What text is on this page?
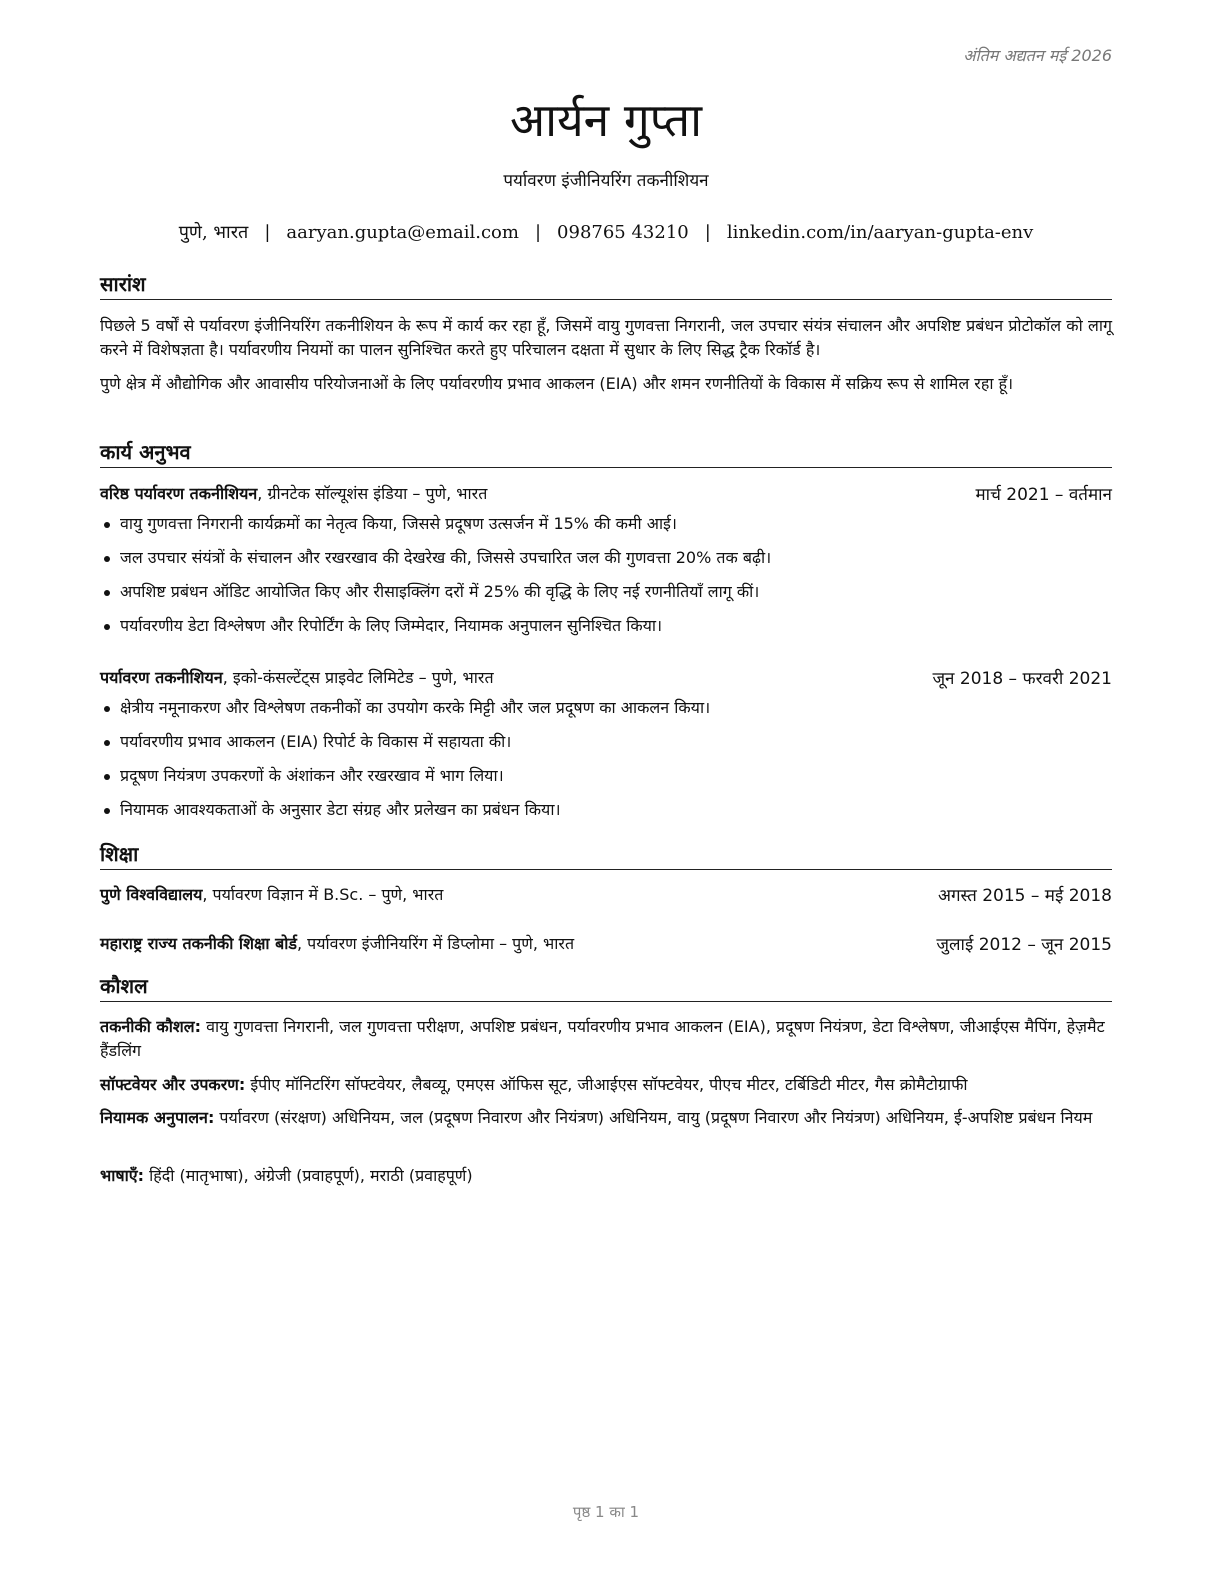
अंतिम अद्यतन मई 2026
आर्यन गुप्ता
पर्यावरण इंजीनियरिंग तकनीशियन
पुणे, भारत | aaryan.gupta@email.com | 098765 43210 | linkedin.com/in/aaryan-gupta-env
सारांश
पिछले 5 वर्षों से पर्यावरण इंजीनियरिंग तकनीशियन के रूप में कार्य कर रहा हूँ, जिसमें वायु गुणवत्ता निगरानी, जल उपचार संयंत्र संचालन और अपशिष्ट प्रबंधन प्रोटोकॉल को लागू करने में विशेषज्ञता है। पर्यावरणीय नियमों का पालन सुनिश्चित करते हुए परिचालन दक्षता में सुधार के लिए सिद्ध ट्रैक रिकॉर्ड है।
पुणे क्षेत्र में औद्योगिक और आवासीय परियोजनाओं के लिए पर्यावरणीय प्रभाव आकलन (EIA) और शमन रणनीतियों के विकास में सक्रिय रूप से शामिल रहा हूँ।
कार्य अनुभव
वरिष्ठ पर्यावरण तकनीशियन, ग्रीनटेक सॉल्यूशंस इंडिया – पुणे, भारत	मार्च 2021 – वर्तमान
वायु गुणवत्ता निगरानी कार्यक्रमों का नेतृत्व किया, जिससे प्रदूषण उत्सर्जन में 15% की कमी आई।
जल उपचार संयंत्रों के संचालन और रखरखाव की देखरेख की, जिससे उपचारित जल की गुणवत्ता 20% तक बढ़ी।
अपशिष्ट प्रबंधन ऑडिट आयोजित किए और रीसाइक्लिंग दरों में 25% की वृद्धि के लिए नई रणनीतियाँ लागू कीं।
पर्यावरणीय डेटा विश्लेषण और रिपोर्टिंग के लिए जिम्मेदार, नियामक अनुपालन सुनिश्चित किया।
पर्यावरण तकनीशियन, इको-कंसल्टेंट्स प्राइवेट लिमिटेड – पुणे, भारत	जून 2018 – फरवरी 2021
क्षेत्रीय नमूनाकरण और विश्लेषण तकनीकों का उपयोग करके मिट्टी और जल प्रदूषण का आकलन किया।
पर्यावरणीय प्रभाव आकलन (EIA) रिपोर्ट के विकास में सहायता की।
प्रदूषण नियंत्रण उपकरणों के अंशांकन और रखरखाव में भाग लिया।
नियामक आवश्यकताओं के अनुसार डेटा संग्रह और प्रलेखन का प्रबंधन किया।
शिक्षा
पुणे विश्वविद्यालय, पर्यावरण विज्ञान में B.Sc. – पुणे, भारत	अगस्त 2015 – मई 2018
महाराष्ट्र राज्य तकनीकी शिक्षा बोर्ड, पर्यावरण इंजीनियरिंग में डिप्लोमा – पुणे, भारत	जुलाई 2012 – जून 2015
कौशल
तकनीकी कौशल: वायु गुणवत्ता निगरानी, जल गुणवत्ता परीक्षण, अपशिष्ट प्रबंधन, पर्यावरणीय प्रभाव आकलन (EIA), प्रदूषण नियंत्रण, डेटा विश्लेषण, जीआईएस मैपिंग, हेज़मैट हैंडलिंग
सॉफ्टवेयर और उपकरण: ईपीए मॉनिटरिंग सॉफ्टवेयर, लैबव्यू, एमएस ऑफिस सूट, जीआईएस सॉफ्टवेयर, पीएच मीटर, टर्बिडिटी मीटर, गैस क्रोमैटोग्राफी
नियामक अनुपालन: पर्यावरण (संरक्षण) अधिनियम, जल (प्रदूषण निवारण और नियंत्रण) अधिनियम, वायु (प्रदूषण निवारण और नियंत्रण) अधिनियम, ई-अपशिष्ट प्रबंधन नियम
भाषाएँ: हिंदी (मातृभाषा), अंग्रेजी (प्रवाहपूर्ण), मराठी (प्रवाहपूर्ण)
पृष्ठ 1 का 1
